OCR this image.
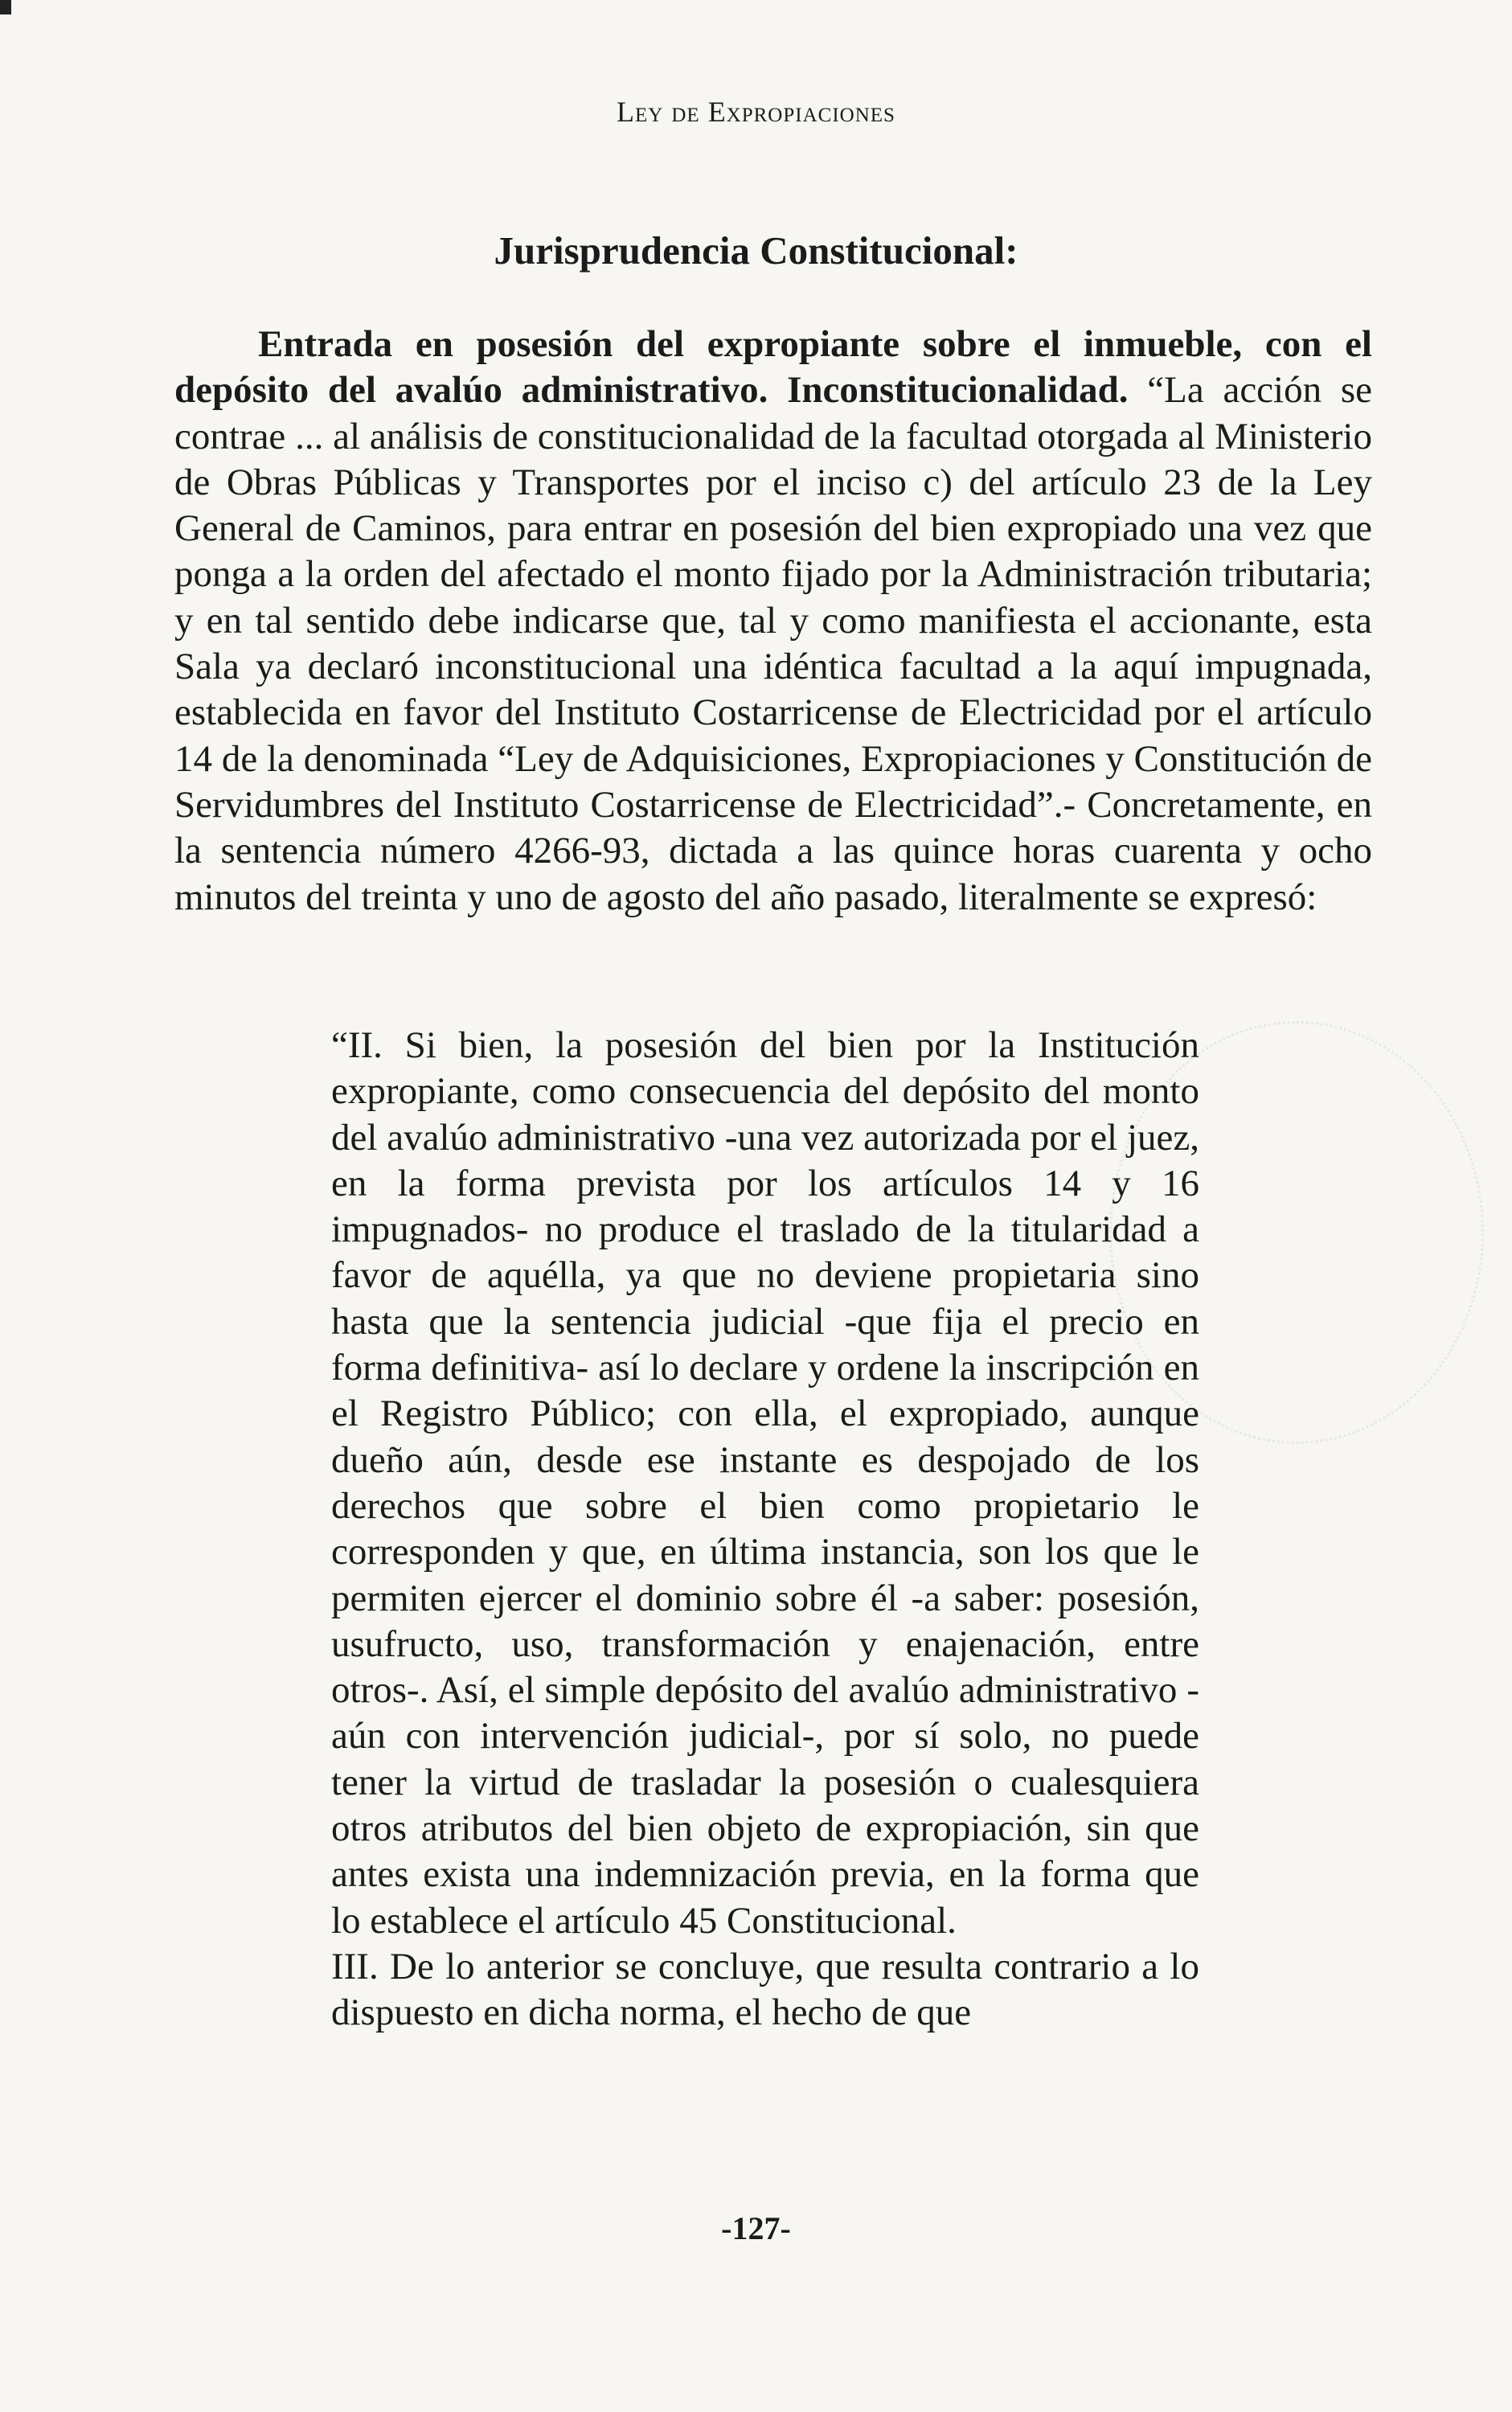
Ley de Expropiaciones
Jurisprudencia Constitucional:

Entrada en posesión del expropiante sobre el inmueble, con el depósito del avalúo administrativo. Inconstitucionalidad. “La acción se contrae ... al análisis de constitucionalidad de la facultad otorgada al Ministerio de Obras Públicas y Transportes por el inciso c) del artículo 23 de la Ley General de Caminos, para entrar en posesión del bien expropiado una vez que ponga a la orden del afectado el monto fijado por la Administración tributaria; y en tal sentido debe indicarse que, tal y como manifiesta el accionante, esta Sala ya declaró inconstitucional una idéntica facultad a la aquí impugnada, establecida en favor del Instituto Costarricense de Electricidad por el artículo 14 de la denominada “Ley de Adquisiciones, Expropiaciones y Constitución de Servidumbres del Instituto Costarricense de Electricidad”.- Concretamente, en la sentencia número 4266-93, dictada a las quince horas cuarenta y ocho minutos del treinta y uno de agosto del año pasado, literalmente se expresó:

“II. Si bien, la posesión del bien por la Institución expropiante, como consecuencia del depósito del monto del avalúo administrativo -una vez autorizada por el juez, en la forma prevista por los artículos 14 y 16 impugnados- no produce el traslado de la titularidad a favor de aquélla, ya que no deviene propietaria sino hasta que la sentencia judicial -que fija el precio en forma definitiva- así lo declare y ordene la inscripción en el Registro Público; con ella, el expropiado, aunque dueño aún, desde ese instante es despojado de los derechos que sobre el bien como propietario le corresponden y que, en última instancia, son los que le permiten ejercer el dominio sobre él -a saber: posesión, usufructo, uso, transformación y enajenación, entre otros-. Así, el simple depósito del avalúo administrativo -aún con intervención judicial-, por sí solo, no puede tener la virtud de trasladar la posesión o cualesquiera otros atributos del bien objeto de expropiación, sin que antes exista una indemnización previa, en la forma que lo establece el artículo 45 Constitucional.

III. De lo anterior se concluye, que resulta contrario a lo dispuesto en dicha norma, el hecho de que

-127-
